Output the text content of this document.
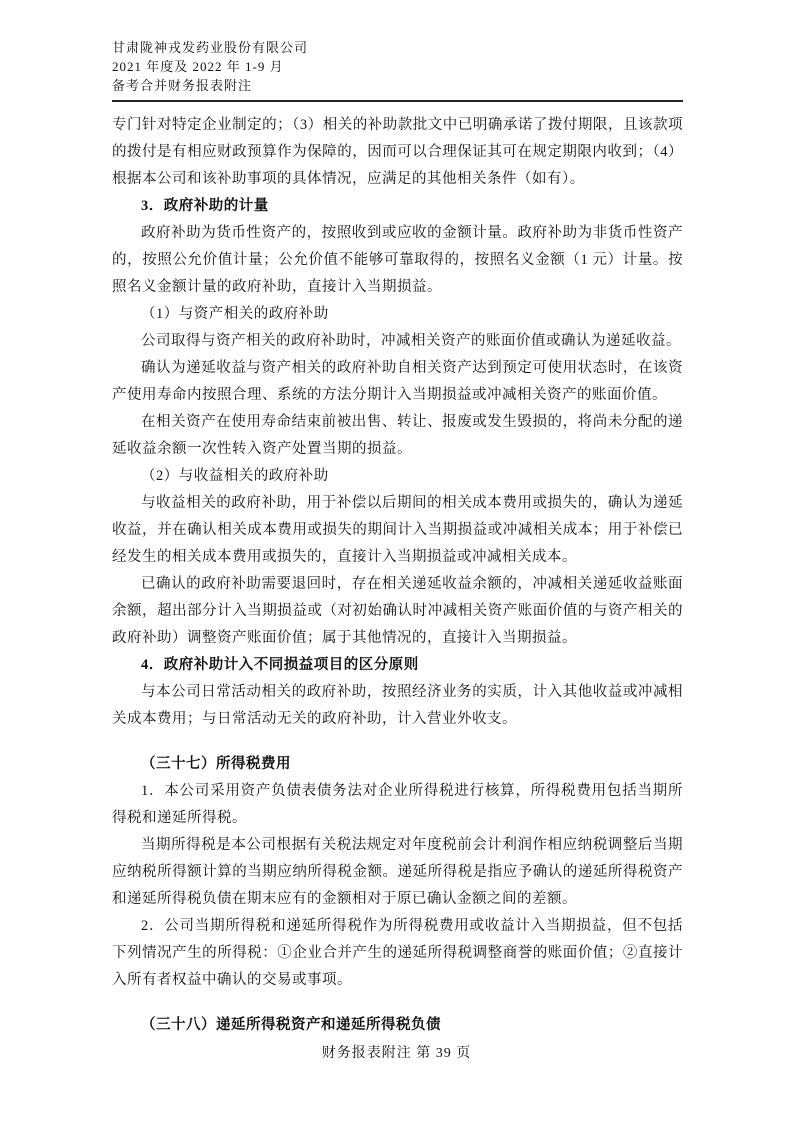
甘肃陇神戎发药业股份有限公司
2021 年度及 2022 年 1-9 月
备考合并财务报表附注

专门针对特定企业制定的；（3）相关的补助款批文中已明确承诺了拨付期限，且该款项的拨付是有相应财政预算作为保障的，因而可以合理保证其可在规定期限内收到；（4）根据本公司和该补助事项的具体情况，应满足的其他相关条件（如有）。

3．政府补助的计量

政府补助为货币性资产的，按照收到或应收的金额计量。政府补助为非货币性资产的，按照公允价值计量；公允价值不能够可靠取得的，按照名义金额（1 元）计量。按照名义金额计量的政府补助，直接计入当期损益。

（1）与资产相关的政府补助

公司取得与资产相关的政府补助时，冲减相关资产的账面价值或确认为递延收益。

确认为递延收益与资产相关的政府补助自相关资产达到预定可使用状态时，在该资产使用寿命内按照合理、系统的方法分期计入当期损益或冲减相关资产的账面价值。

在相关资产在使用寿命结束前被出售、转让、报废或发生毁损的，将尚未分配的递延收益余额一次性转入资产处置当期的损益。

（2）与收益相关的政府补助

与收益相关的政府补助，用于补偿以后期间的相关成本费用或损失的，确认为递延收益，并在确认相关成本费用或损失的期间计入当期损益或冲减相关成本；用于补偿已经发生的相关成本费用或损失的，直接计入当期损益或冲减相关成本。

已确认的政府补助需要退回时，存在相关递延收益余额的，冲减相关递延收益账面余额，超出部分计入当期损益或（对初始确认时冲减相关资产账面价值的与资产相关的政府补助）调整资产账面价值；属于其他情况的，直接计入当期损益。

4．政府补助计入不同损益项目的区分原则

与本公司日常活动相关的政府补助，按照经济业务的实质，计入其他收益或冲减相关成本费用；与日常活动无关的政府补助，计入营业外收支。

（三十七）所得税费用

1．本公司采用资产负债表债务法对企业所得税进行核算，所得税费用包括当期所得税和递延所得税。

当期所得税是本公司根据有关税法规定对年度税前会计利润作相应纳税调整后当期应纳税所得额计算的当期应纳所得税金额。递延所得税是指应予确认的递延所得税资产和递延所得税负债在期末应有的金额相对于原已确认金额之间的差额。

2．公司当期所得税和递延所得税作为所得税费用或收益计入当期损益，但不包括下列情况产生的所得税：①企业合并产生的递延所得税调整商誉的账面价值；②直接计入所有者权益中确认的交易或事项。

（三十八）递延所得税资产和递延所得税负债

财务报表附注 第 39 页
